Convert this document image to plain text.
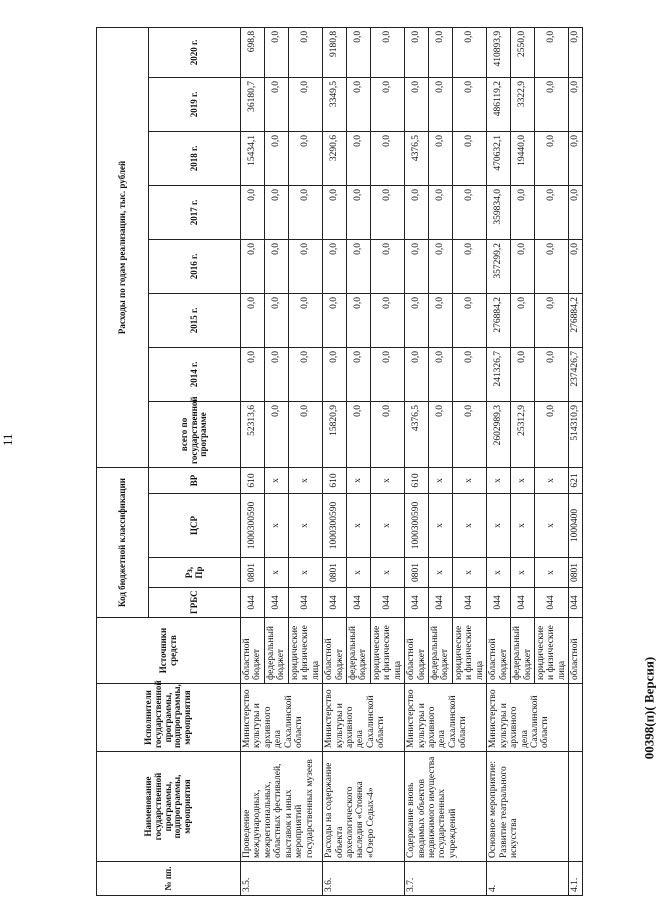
11
№ пп.	Наименование государственной программы, подпрограммы, мероприятия	Исполнители государственной программы, подпрограммы, мероприятия	Источники средств	Код бюджетной классификации				Расходы по годам реализации, тыс. рублей							
				ГРБС	Рз, Пр	ЦСР	ВР	всего по государственной программе	2014 г.	2015 г.	2016 г.	2017 г.	2018 г.	2019 г.	2020 г.

3.5.	Проведение международных, межрегиональных, областных фестивалей, выставок и иных мероприятий государственных музеев	Министерство культуры и архивного дела Сахалинской области	областной бюджет	044	0801	1000300590	610	52313,6	0,0	0,0	0,0	0,0	15434,1	36180,7	698,8
			федеральный бюджет	044	х	х	х	0,0	0,0	0,0	0,0	0,0	0,0	0,0	0,0
			юридические и физические лица	044	х	х	х	0,0	0,0	0,0	0,0	0,0	0,0	0,0	0,0
3.6.	Расходы на содержание объекта археологического наследия «Стоянка «Озеро Седых-4»	Министерство культуры и архивного дела Сахалинской области	областной бюджет	044	0801	1000300590	610	15820,9	0,0	0,0	0,0	0,0	3290,6	3349,5	9180,8
			федеральный бюджет	044	х	х	х	0,0	0,0	0,0	0,0	0,0	0,0	0,0	0,0
			юридические и физические лица	044	х	х	х	0,0	0,0	0,0	0,0	0,0	0,0	0,0	0,0
3.7.	Содержание вновь вводимых объектов недвижимого имущества государственных учреждений	Министерство культуры и архивного дела Сахалинской области	областной бюджет	044	0801	1000300590	610	4376,5	0,0	0,0	0,0	0,0	4376,5	0,0	0,0
			федеральный бюджет	044	х	х	х	0,0	0,0	0,0	0,0	0,0	0,0	0,0	0,0
			юридические и физические лица	044	х	х	х	0,0	0,0	0,0	0,0	0,0	0,0	0,0	0,0
4.	Основное мероприятие: Развитие театрального искусства	Министерство культуры и архивного дела Сахалинской области	областной бюджет	044	х	х	х	2602989,3	241326,7	276884,2	357299,2	359834,0	470632,1	486119,2	410893,9
			федеральный бюджет	044	х	х	х	25312,9	0,0	0,0	0,0	0,0	19440,0	3322,9	2550,0
			юридические и физические лица	044	х	х	х	0,0	0,0	0,0	0,0	0,0	0,0	0,0	0,0
4.1.			областной	044	0801	1000400	621	514310,9	237426,7	276884,2	0,0	0,0	0,0	0,0	0,0
00398(п)( Версия)
